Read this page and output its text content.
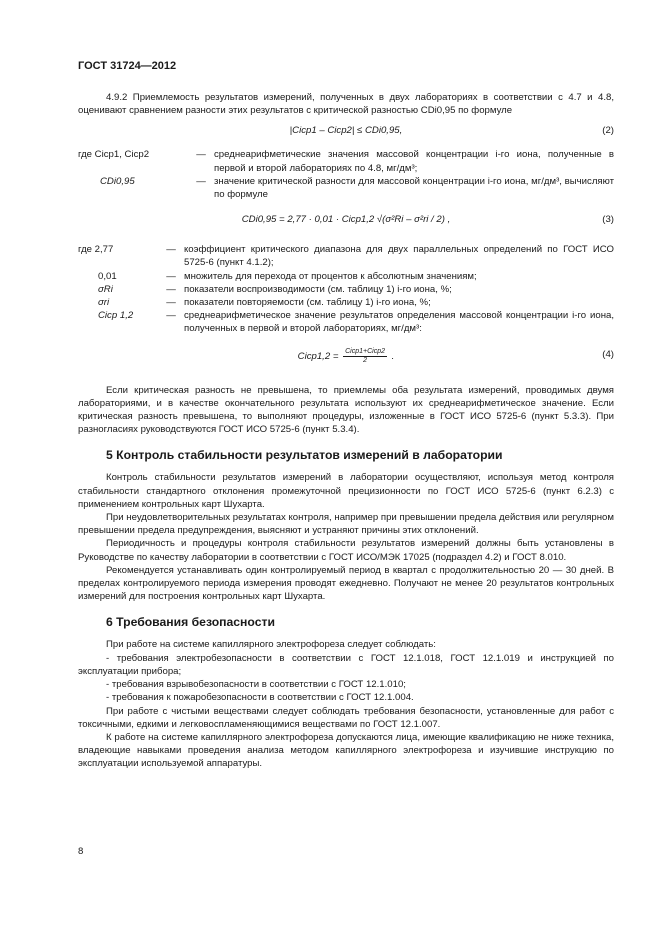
ГОСТ 31724—2012

4.9.2 Приемлемость результатов измерений, полученных в двух лабораториях в соответствии с 4.7 и 4.8, оценивают сравнением разности этих результатов с критической разностью CDi0,95 по формуле

|Cicp1 – Cicp2| ≤ CDi0,95,	(2)
где Cicp1, Cicp2	—	среднеарифметические значения массовой концентрации i-го иона, полученные в первой и второй лабораториях по 4.8, мг/дм³;
CDi0,95	—	значение критической разности для массовой концентрации i-го иона, мг/дм³, вычисляют по формуле
CDi0,95 = 2,77 · 0,01 · Cicp1,2 √(σ²Ri – σ²ri / 2) ,	(3)
где 2,77	—	коэффициент критического диапазона для двух параллельных определений по ГОСТ ИСО 5725-6 (пункт 4.1.2);
0,01	—	множитель для перехода от процентов к абсолютным значениям;
σRi	—	показатели воспроизводимости (см. таблицу 1) i-го иона, %;
σri	—	показатели повторяемости (см. таблицу 1) i-го иона, %;
Cicp 1,2	—	среднеарифметическое значение результатов определения массовой концентрации i-го иона, полученных в первой и второй лабораториях, мг/дм³:
Cicp1,2 = $\frac{\text{Cicp1+Cicp2}}{2}$ .	(4)

Если критическая разность не превышена, то приемлемы оба результата измерений, проводимых двумя лабораториями, и в качестве окончательного результата используют их среднеарифметическое значение. Если критическая разность превышена, то выполняют процедуры, изложенные в ГОСТ ИСО 5725-6 (пункт 5.3.3). При разногласиях руководствуются ГОСТ ИСО 5725-6 (пункт 5.3.4).

5 Контроль стабильности результатов измерений в лаборатории

Контроль стабильности результатов измерений в лаборатории осуществляют, используя метод контроля стабильности стандартного отклонения промежуточной прецизионности по ГОСТ ИСО 5725-6 (пункт 6.2.3) с применением контрольных карт Шухарта.

При неудовлетворительных результатах контроля, например при превышении предела действия или регулярном превышении предела предупреждения, выясняют и устраняют причины этих отклонений.

Периодичность и процедуры контроля стабильности результатов измерений должны быть установлены в Руководстве по качеству лаборатории в соответствии с ГОСТ ИСО/МЭК 17025 (подраздел 4.2) и ГОСТ 8.010.

Рекомендуется устанавливать один контролируемый период в квартал с продолжительностью 20 — 30 дней. В пределах контролируемого периода измерения проводят ежедневно. Получают не менее 20 результатов контрольных измерений для построения контрольных карт Шухарта.

6 Требования безопасности

При работе на системе капиллярного электрофореза следует соблюдать:

- требования электробезопасности в соответствии с ГОСТ 12.1.018, ГОСТ 12.1.019 и инструкцией по эксплуатации прибора;

- требования взрывобезопасности в соответствии с ГОСТ 12.1.010;

- требования к пожаробезопасности в соответствии с ГОСТ 12.1.004.

При работе с чистыми веществами следует соблюдать требования безопасности, установленные для работ с токсичными, едкими и легковоспламеняющимися веществами по ГОСТ 12.1.007.

К работе на системе капиллярного электрофореза допускаются лица, имеющие квалификацию не ниже техника, владеющие навыками проведения анализа методом капиллярного электрофореза и изучившие инструкцию по эксплуатации используемой аппаратуры.

8
